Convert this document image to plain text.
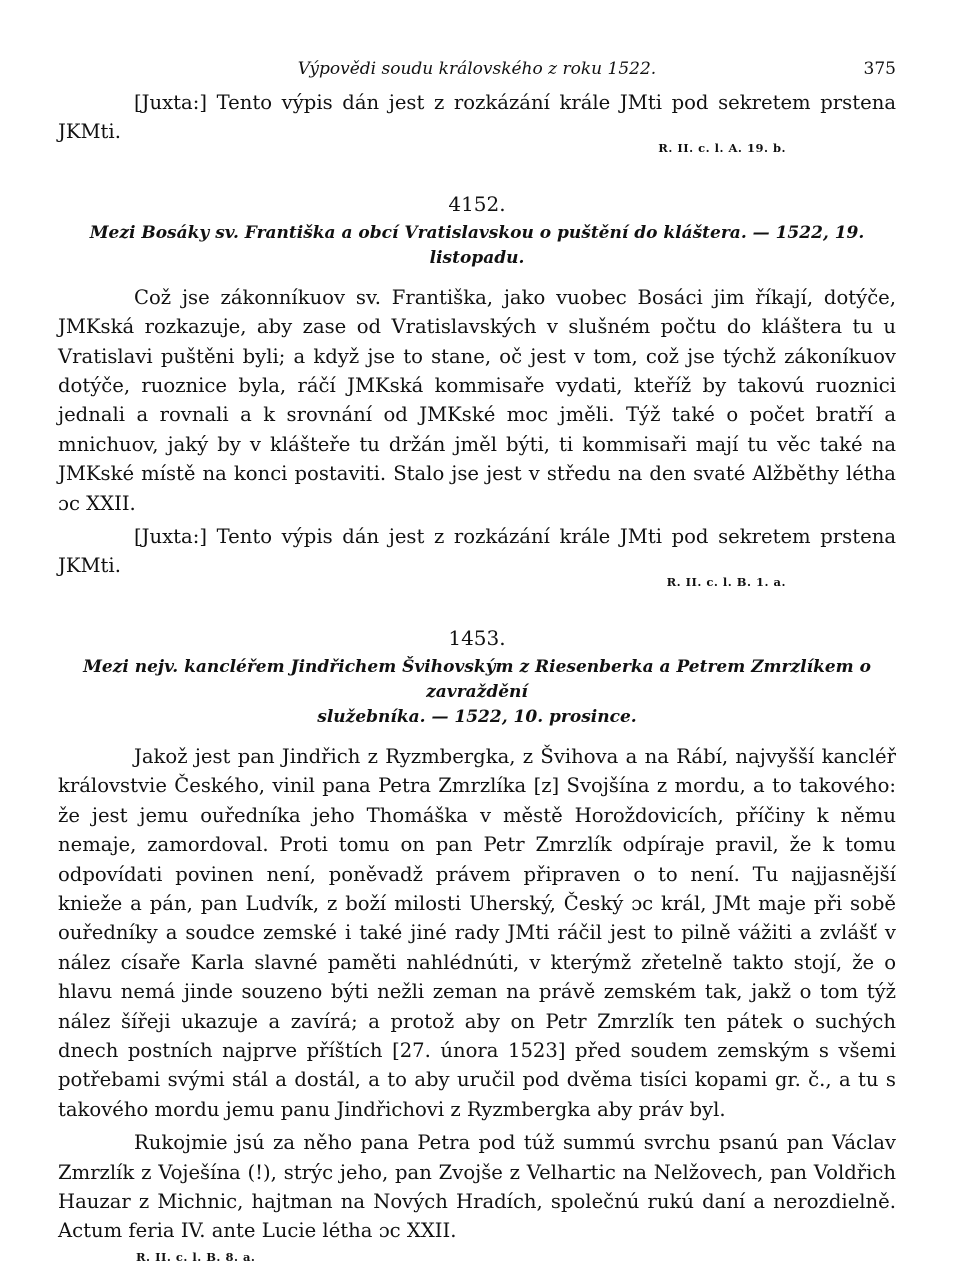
Výpovědi soudu královského z roku 1522.	375

[Juxta:] Tento výpis dán jest z rozkázání krále JMti pod sekretem prstena JKMti.

R. II. c. l. A. 19. b.
4152.
Mezi Bosáky sv. Františka a obcí Vratislavskou o puštění do kláštera. — 1522, 19. listopadu.

Což jse zákonníkuov sv. Františka, jako vuobec Bosáci jim říkají, dotýče, JMKská rozkazuje, aby zase od Vratislavských v slušném počtu do kláštera tu u Vratislavi puštěni byli; a když jse to stane, oč jest v tom, což jse týchž zákoníkuov dotýče, ruoznice byla, ráčí JMKská kommisaře vydati, kteříž by takovú ruoznici jednali a rovnali a k srovnání od JMKské moc jměli. Týž také o počet bratří a mnichuov, jaký by v klášteře tu držán jměl býti, ti kommisaři mají tu věc také na JMKské místě na konci postaviti. Stalo jse jest v středu na den svaté Alžběthy létha ɔc XXII.

[Juxta:] Tento výpis dán jest z rozkázání krále JMti pod sekretem prstena JKMti.

R. II. c. l. B. 1. a.
1453.
Mezi nejv. kancléřem Jindřichem Švihovským z Riesenberka a Petrem Zmrzlíkem o zavraždění
služebníka. — 1522, 10. prosince.

Jakož jest pan Jindřich z Ryzmbergka, z Švihova a na Rábí, najvyšší kancléř královstvie Českého, vinil pana Petra Zmrzlíka [z] Svojšína z mordu, a to takového: že jest jemu ouředníka jeho Thomáška v městě Horoždovicích, příčiny k němu nemaje, zamordoval. Proti tomu on pan Petr Zmrzlík odpíraje pravil, že k tomu odpovídati povinen není, poněvadž právem připraven o to není. Tu najjasnější knieže a pán, pan Ludvík, z boží milosti Uherský, Český ɔc král, JMt maje při sobě ouředníky a soudce zemské i také jiné rady JMti ráčil jest to pilně vážiti a zvlášť v nález císaře Karla slavné paměti nahlédnúti, v kterýmž zřetelně takto stojí, že o hlavu nemá jinde souzeno býti nežli zeman na právě zemském tak, jakž o tom týž nález šířeji ukazuje a zavírá; a protož aby on Petr Zmrzlík ten pátek o suchých dnech postních najprve příštích [27. února 1523] před soudem zemským s všemi potřebami svými stál a dostál, a to aby uručil pod dvěma tisíci kopami gr. č., a tu s takového mordu jemu panu Jindřichovi z Ryzmbergka aby práv byl.

Rukojmie jsú za něho pana Petra pod túž summú svrchu psanú pan Václav Zmrzlík z Voješína (!), strýc jeho, pan Zvojše z Velhartic na Nelžovech, pan Voldřich Hauzar z Michnic, hajtman na Nových Hradích, společnú rukú daní a nerozdielně. Actum feria IV. ante Lucie létha ɔc XXII.

R. II. c. l. B. 8. a.
